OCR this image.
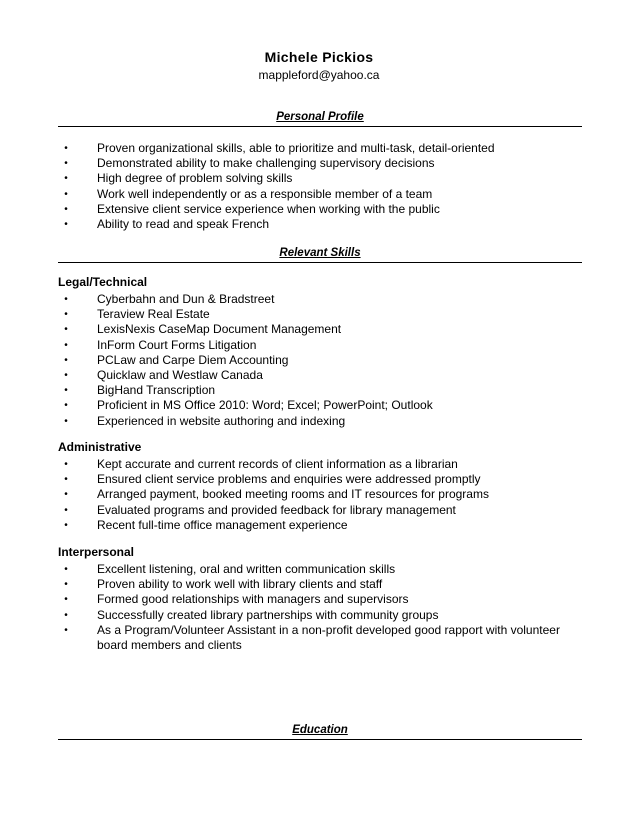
Michele Pickios
mappleford@yahoo.ca
Personal Profile
• Proven organizational skills, able to prioritize and multi-task, detail-oriented
• Demonstrated ability to make challenging supervisory decisions
• High degree of problem solving skills
• Work well independently or as a responsible member of a team
• Extensive client service experience when working with the public
• Ability to read and speak French
Relevant Skills
Legal/Technical
• Cyberbahn and Dun & Bradstreet
• Teraview Real Estate
• LexisNexis CaseMap Document Management
• InForm Court Forms Litigation
• PCLaw and Carpe Diem Accounting
• Quicklaw and Westlaw Canada
• BigHand Transcription
• Proficient in MS Office 2010: Word; Excel; PowerPoint; Outlook
• Experienced in website authoring and indexing
Administrative
• Kept accurate and current records of client information as a librarian
• Ensured client service problems and enquiries were addressed promptly
• Arranged payment, booked meeting rooms and IT resources for programs
• Evaluated programs and provided feedback for library management
• Recent full-time office management experience
Interpersonal
• Excellent listening, oral and written communication skills
• Proven ability to work well with library clients and staff
• Formed good relationships with managers and supervisors
• Successfully created library partnerships with community groups
• As a Program/Volunteer Assistant in a non-profit developed good rapport with volunteer board members and clients
Education
